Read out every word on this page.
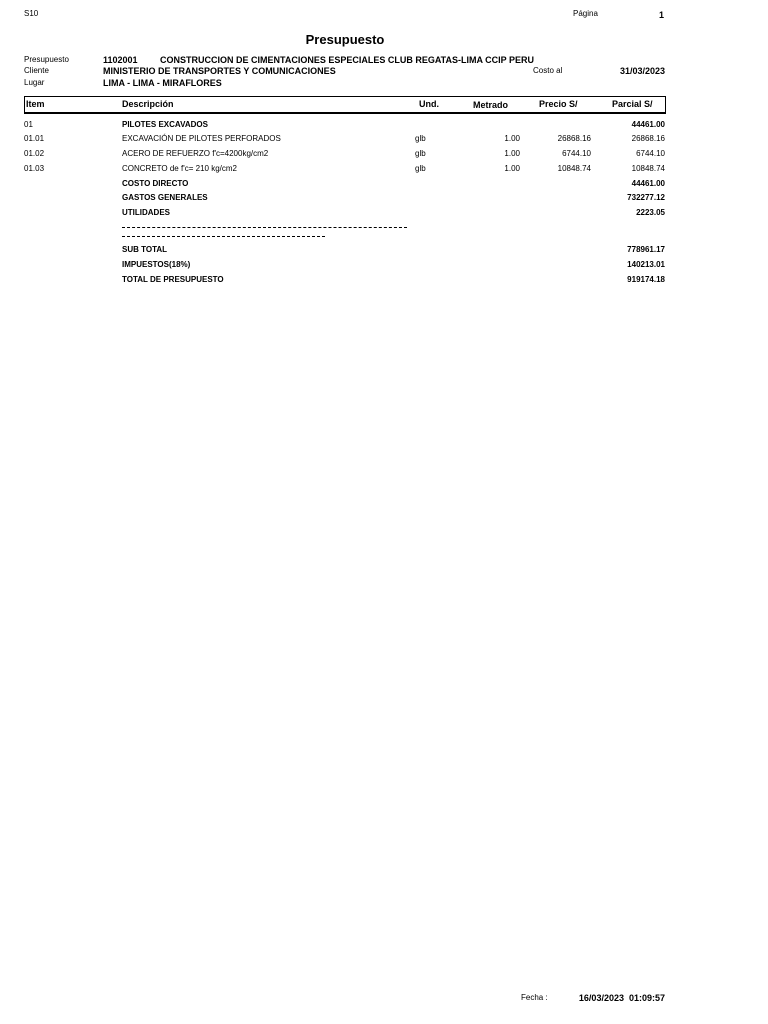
S10	Página	1
Presupuesto
Presupuesto	1102001 CONSTRUCCION DE CIMENTACIONES ESPECIALES CLUB REGATAS-LIMA CCIP PERU
Cliente	MINISTERIO DE TRANSPORTES Y COMUNICACIONES	Costo al	31/03/2023
Lugar	LIMA - LIMA - MIRAFLORES
Item	Descripción	Und.	Metrado	Precio S/	Parcial S/
01	PILOTES EXCAVADOS	44461.00
01.01	EXCAVACIÓN DE PILOTES PERFORADOS	glb	1.00	26868.16	26868.16
01.02	ACERO DE REFUERZO f'c=4200kg/cm2	glb	1.00	6744.10	6744.10
01.03	CONCRETO de f'c= 210 kg/cm2	glb	1.00	10848.74	10848.74
COSTO DIRECTO	44461.00
GASTOS GENERALES	732277.12
UTILIDADES	2223.05
SUB TOTAL	778961.17
IMPUESTOS(18%)	140213.01
TOTAL DE PRESUPUESTO	919174.18
Fecha :	16/03/2023  01:09:57
